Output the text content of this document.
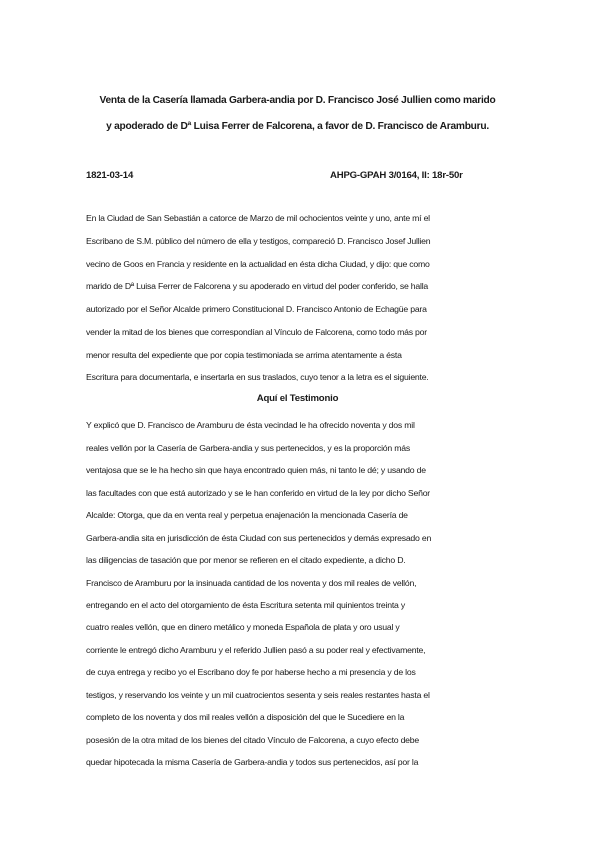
Venta de la Casería llamada Garbera-andia por D. Francisco José Jullien como marido
y apoderado de Dª Luisa Ferrer de Falcorena, a favor de D. Francisco de Aramburu.
1821-03-14	AHPG-GPAH 3/0164, II: 18r-50r
En la Ciudad de San Sebastián a catorce de Marzo de mil ochocientos veinte y uno, ante mí el
Escribano de S.M. público del número de ella y testigos, compareció D. Francisco Josef Jullien
vecino de Goos en Francia y residente en la actualidad en ésta dicha Ciudad, y dijo: que como
marido de Dª Luisa Ferrer de Falcorena y su apoderado en virtud del poder conferido, se halla
autorizado por el Señor Alcalde primero Constitucional D. Francisco Antonio de Echagüe para
vender la mitad de los bienes que correspondían al Vínculo de Falcorena, como todo más por
menor resulta del expediente que por copia testimoniada se arrima atentamente a ésta
Escritura para documentarla, e insertarla en sus traslados, cuyo tenor a la letra es el siguiente.
Aquí el Testimonio
Y explicó que D. Francisco de Aramburu de ésta vecindad le ha ofrecido noventa y dos mil
reales vellón por la Casería de Garbera-andia y sus pertenecidos, y es la proporción más
ventajosa que se le ha hecho sin que haya encontrado quien más, ni tanto le dé; y usando de
las facultades con que está autorizado y se le han conferido en virtud de la ley por dicho Señor
Alcalde: Otorga, que da en venta real y perpetua enajenación la mencionada Casería de
Garbera-andia sita en jurisdicción de ésta Ciudad con sus pertenecidos y demás expresado en
las diligencias de tasación que por menor se refieren en el citado expediente, a dicho D.
Francisco de Aramburu por la insinuada cantidad de los noventa y dos mil reales de vellón,
entregando en el acto del otorgamiento de ésta Escritura setenta mil quinientos treinta y
cuatro reales vellón, que en dinero metálico y moneda Española de plata y oro usual y
corriente le entregó dicho Aramburu y el referido Jullien pasó a su poder real y efectivamente,
de cuya entrega y recibo yo el Escribano doy fe por haberse hecho a mi presencia y de los
testigos, y reservando los veinte y un mil cuatrocientos sesenta y seis reales restantes hasta el
completo de los noventa y dos mil reales vellón a disposición del que le Sucediere en la
posesión de la otra mitad de los bienes del citado Vínculo de Falcorena, a cuyo efecto debe
quedar hipotecada la misma Casería de Garbera-andia y todos sus pertenecidos, así por la
